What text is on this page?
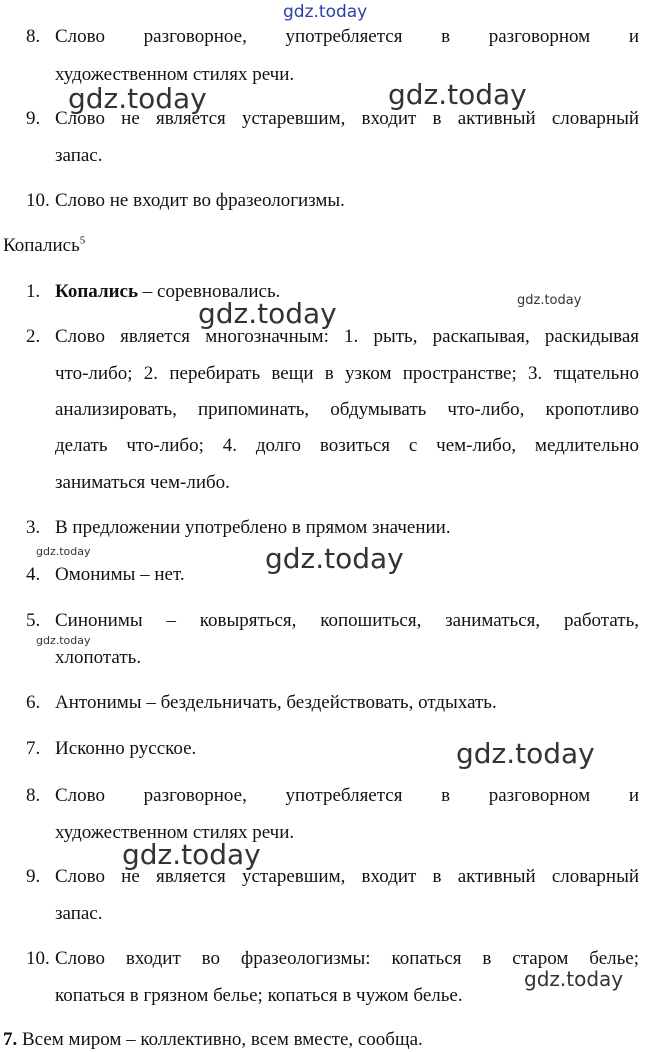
gdz.today
gdz.today	gdz.today
gdz.today	gdz.today
gdz.today	gdz.today
gdz.today
gdz.today
gdz.today
gdz.today
8. Слово разговорное, употребляется в разговорном и

художественном стилях речи.

9. Слово не является устаревшим, входит в активный словарный

запас.

10. Слово не входит во фразеологизмы.

Копались$^5$

1. Копались – соревновались.

2. Слово является многозначным: 1. рыть, раскапывая, раскидывая

что-либо; 2. перебирать вещи в узком пространстве; 3. тщательно

анализировать, припоминать, обдумывать что-либо, кропотливо

делать что-либо; 4. долго возиться с чем-либо, медлительно

заниматься чем-либо.

3. В предложении употреблено в прямом значении.

4. Омонимы – нет.

5. Синонимы – ковыряться, копошиться, заниматься, работать,

хлопотать.

6. Антонимы – бездельничать, бездействовать, отдыхать.

7. Исконно русское.

8. Слово разговорное, употребляется в разговорном и

художественном стилях речи.

9. Слово не является устаревшим, входит в активный словарный

запас.

10. Слово входит во фразеологизмы: копаться в старом белье;

копаться в грязном белье; копаться в чужом белье.

7. Всем миром – коллективно, всем вместе, сообща.
